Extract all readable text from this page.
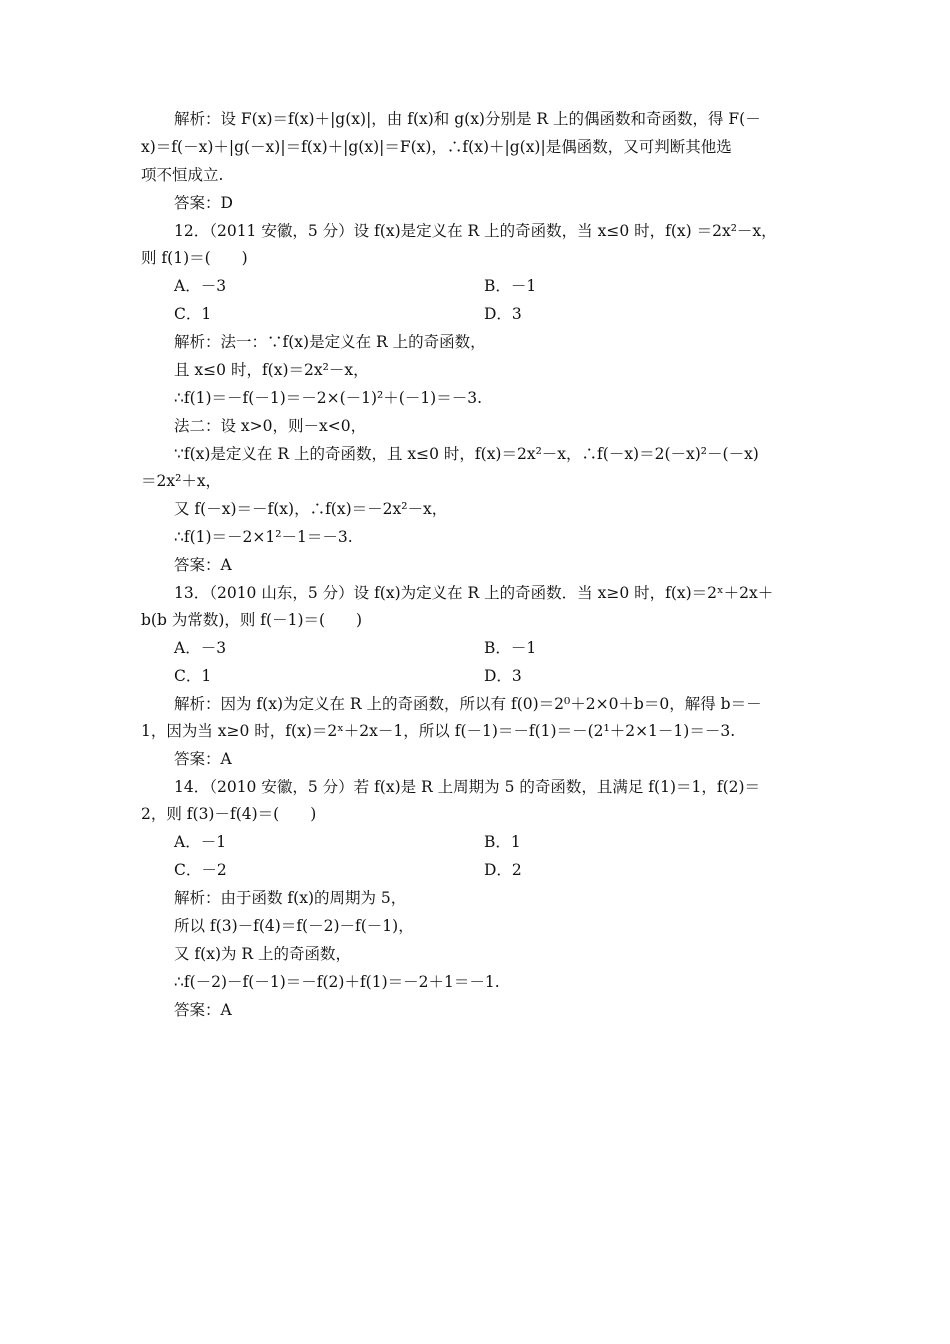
解析：设 F(x)＝f(x)＋|g(x)|，由 f(x)和 g(x)分别是 R 上的偶函数和奇函数，得 F(－
x)＝f(－x)＋|g(－x)|＝f(x)＋|g(x)|＝F(x)，∴f(x)＋|g(x)|是偶函数，又可判断其他选
项不恒成立.
答案：D
12．（2011 安徽，5 分）设 f(x)是定义在 R 上的奇函数，当 x≤0 时，f(x) ＝2x²－x，
则 f(1)＝(　　)
解析：法一：∵f(x)是定义在 R 上的奇函数，
且 x≤0 时，f(x)＝2x²－x，
∴f(1)＝－f(－1)＝－2×(－1)²＋(－1)＝－3.
法二：设 x>0，则－x<0，
∵f(x)是定义在 R 上的奇函数，且 x≤0 时，f(x)＝2x²－x，∴f(－x)＝2(－x)²－(－x)
＝2x²＋x，
又 f(－x)＝－f(x)，∴f(x)＝－2x²－x，
∴f(1)＝－2×1²－1＝－3.
答案：A
13．（2010 山东，5 分）设 f(x)为定义在 R 上的奇函数．当 x≥0 时，f(x)＝2ˣ＋2x＋
b(b 为常数)，则 f(－1)＝(　　)
解析：因为 f(x)为定义在 R 上的奇函数，所以有 f(0)＝2⁰＋2×0＋b＝0，解得 b＝－
1，因为当 x≥0 时，f(x)＝2ˣ＋2x－1，所以 f(－1)＝－f(1)＝－(2¹＋2×1－1)＝－3.
答案：A
14．（2010 安徽，5 分）若 f(x)是 R 上周期为 5 的奇函数，且满足 f(1)＝1，f(2)＝
2，则 f(3)－f(4)＝(　　)
解析：由于函数 f(x)的周期为 5，
所以 f(3)－f(4)＝f(－2)－f(－1)，
又 f(x)为 R 上的奇函数，
∴f(－2)－f(－1)＝－f(2)＋f(1)＝－2＋1＝－1.
答案：A
A．－3	B．－1
C．1	D．3
A．－3	B．－1
C．1	D．3
A．－1	B．1
C．－2	D．2
